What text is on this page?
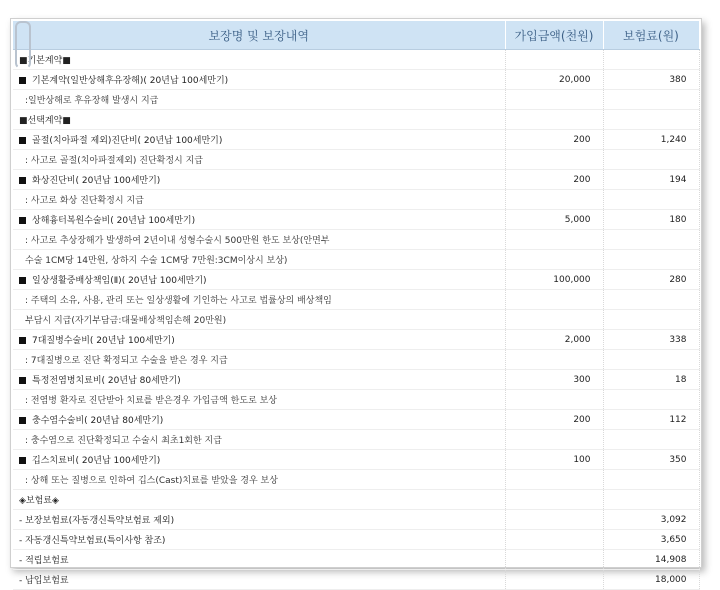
보장명 및 보장내역	가입금액(천원)	보험료(원)
■기본계약■		
기본계약(일반상해후유장해)( 20년납 100세만기)	20,000	380
:일반상해로 후유장해 발생시 지급		
■선택계약■		
골절(치아파절 제외)진단비( 20년납 100세만기)	200	1,240
: 사고로 골절(치아파절제외) 진단확정시 지급		
화상진단비( 20년납 100세만기)	200	194
: 사고로 화상 진단확정시 지급		
상해흉터복원수술비( 20년납 100세만기)	5,000	180
: 사고로 추상장해가 발생하여 2년이내 성형수술시 500만원 한도 보상(안면부		
수술 1CM당 14만원, 상하지 수술 1CM당 7만원:3CM이상시 보상)		
일상생활중배상책임(Ⅱ)( 20년납 100세만기)	100,000	280
: 주택의 소유, 사용, 관리 또는 일상생활에 기인하는 사고로 법률상의 배상책임		
부담시 지급(자기부담금:대물배상책임손해 20만원)		
7대질병수술비( 20년납 100세만기)	2,000	338
: 7대질병으로 진단 확정되고 수술을 받은 경우 지급		
특정전염병치료비( 20년납 80세만기)	300	18
: 전염병 환자로 진단받아 치료를 받은경우 가입금액 한도로 보상		
충수염수술비( 20년납 80세만기)	200	112
: 충수염으로 진단확정되고 수술시 최초1회한 지급		
깁스치료비( 20년납 100세만기)	100	350
: 상해 또는 질병으로 인하여 깁스(Cast)치료를 받았을 경우 보상		
◈보험료◈		
- 보장보험료(자동갱신특약보험료 제외)		3,092
- 자동갱신특약보험료(특이사항 참조)		3,650
- 적립보험료		14,908
- 납입보험료		18,000
